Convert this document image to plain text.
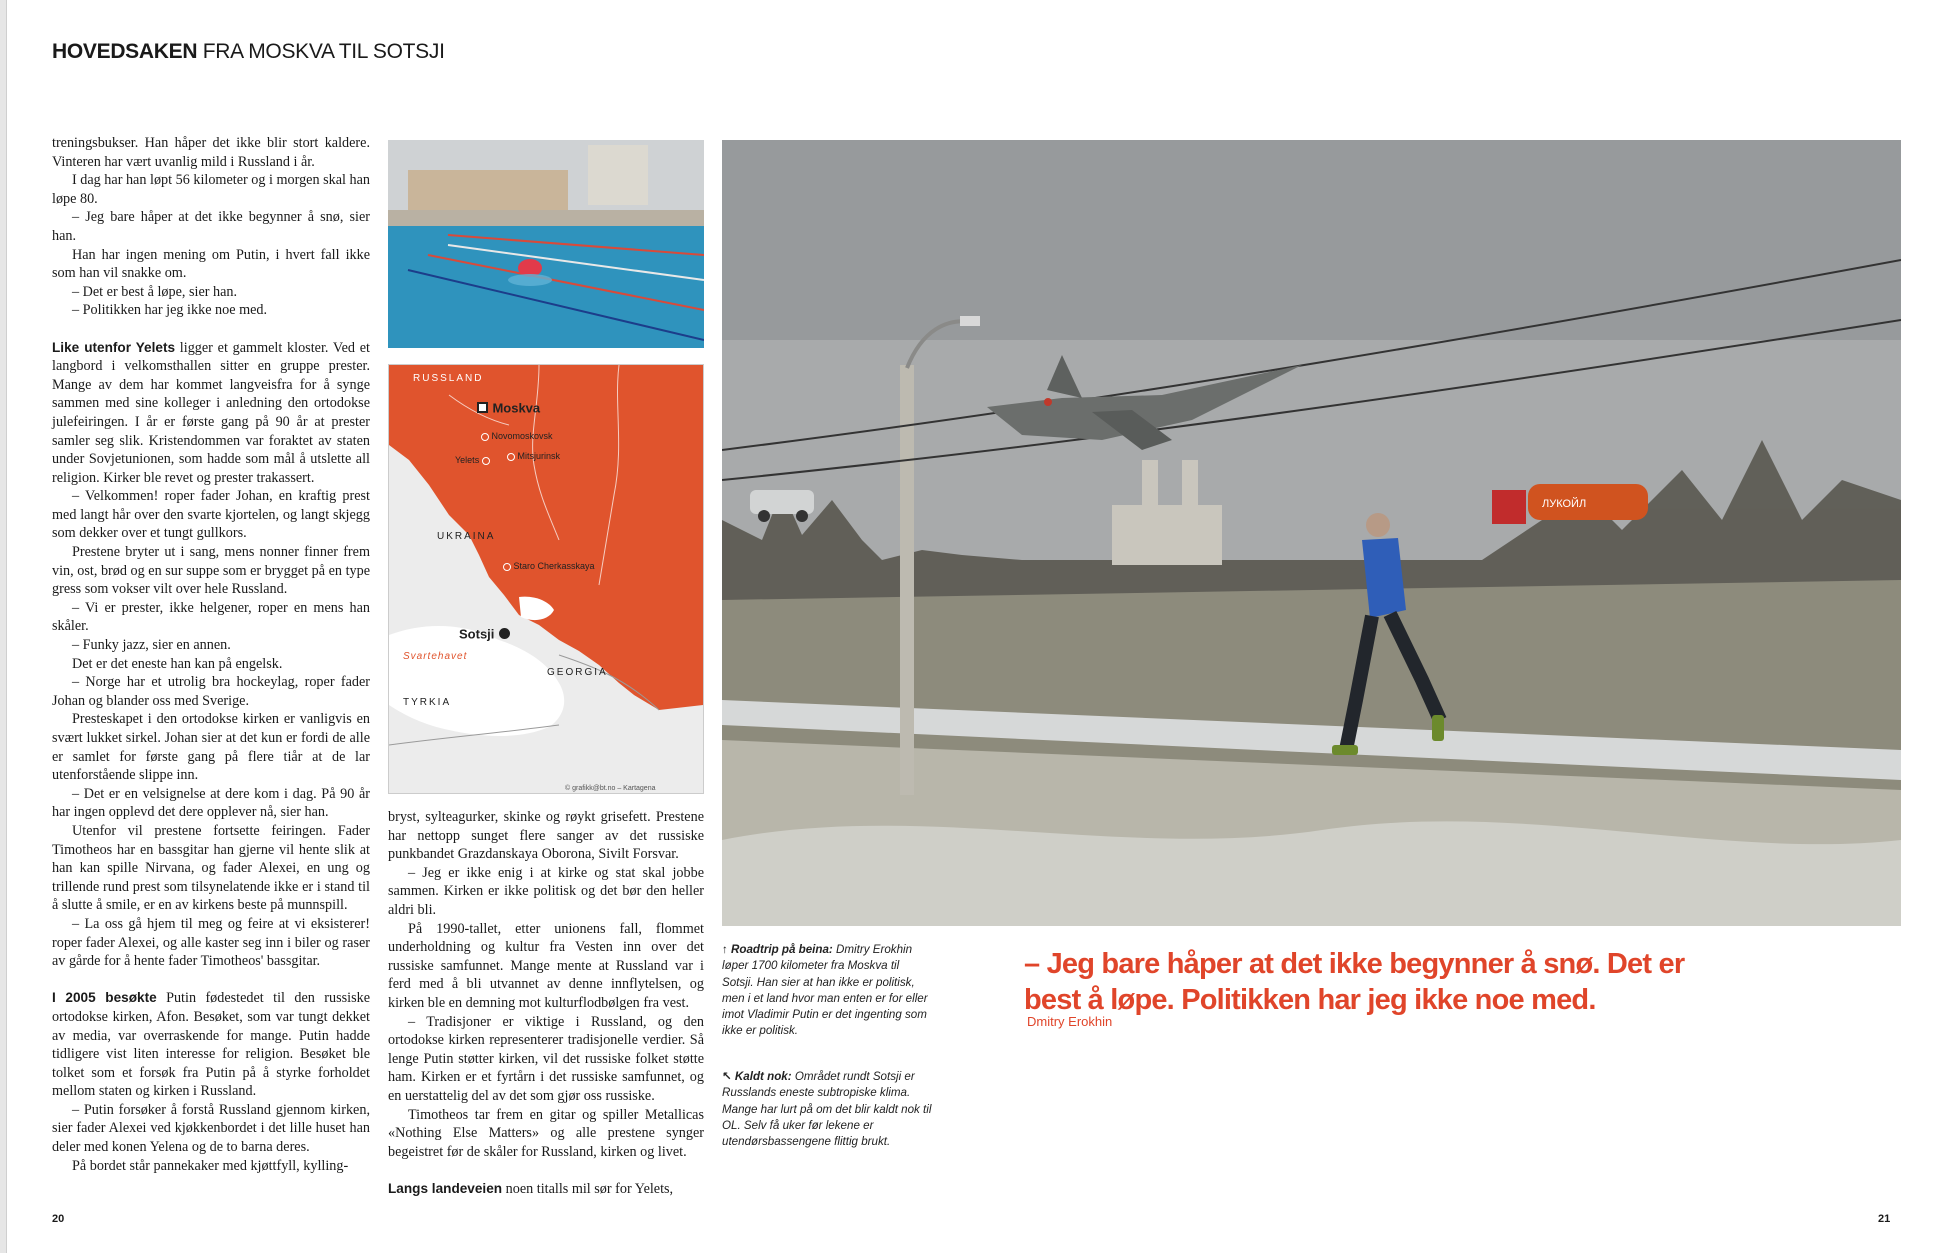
HOVEDSAKEN FRA MOSKVA TIL SOTSJI

treningsbukser. Han håper det ikke blir stort kaldere. Vinteren har vært uvanlig mild i Russland i år.

I dag har han løpt 56 kilometer og i morgen skal han løpe 80.

– Jeg bare håper at det ikke begynner å snø, sier han.

Han har ingen mening om Putin, i hvert fall ikke som han vil snakke om.

– Det er best å løpe, sier han.

– Politikken har jeg ikke noe med.

Like utenfor Yelets ligger et gammelt kloster. Ved et langbord i velkomsthallen sitter en gruppe prester. Mange av dem har kommet langveisfra for å synge sammen med sine kolleger i anledning den ortodokse julefeiringen. I år er første gang på 90 år at prester samler seg slik. Kristendommen var foraktet av staten under Sovjetunionen, som hadde som mål å utslette all religion. Kirker ble revet og prester trakassert.

– Velkommen! roper fader Johan, en kraftig prest med langt hår over den svarte kjortelen, og langt skjegg som dekker over et tungt gullkors.

Prestene bryter ut i sang, mens nonner finner frem vin, ost, brød og en sur suppe som er brygget på en type gress som vokser vilt over hele Russland.

– Vi er prester, ikke helgener, roper en mens han skåler.

– Funky jazz, sier en annen.

Det er det eneste han kan på engelsk.

– Norge har et utrolig bra hockeylag, roper fader Johan og blander oss med Sverige.

Presteskapet i den ortodokse kirken er vanligvis en svært lukket sirkel. Johan sier at det kun er fordi de alle er samlet for første gang på flere tiår at de lar utenforstående slippe inn.

– Det er en velsignelse at dere kom i dag. På 90 år har ingen opplevd det dere opplever nå, sier han.

Utenfor vil prestene fortsette feiringen. Fader Timotheos har en bassgitar han gjerne vil hente slik at han kan spille Nirvana, og fader Alexei, en ung og trillende rund prest som tilsynelatende ikke er i stand til å slutte å smile, er en av kirkens beste på munnspill.

– La oss gå hjem til meg og feire at vi eksisterer! roper fader Alexei, og alle kaster seg inn i biler og raser av gårde for å hente fader Timotheos' bassgitar.

I 2005 besøkte Putin fødestedet til den russiske ortodokse kirken, Afon. Besøket, som var tungt dekket av media, var overraskende for mange. Putin hadde tidligere vist liten interesse for religion. Besøket ble tolket som et forsøk fra Putin på å styrke forholdet mellom staten og kirken i Russland.

– Putin forsøker å forstå Russland gjennom kirken, sier fader Alexei ved kjøkkenbordet i det lille huset han deler med konen Yelena og de to barna deres.

På bordet står pannekaker med kjøttfyll, kylling-

RUSSLAND
Moskva
Novomoskovsk
Yelets	Mitsjurinsk
UKRAINA
Staro Cherkasskaya
Sotsji
Svartehavet
GEORGIA
TYRKIA
© grafikk@bt.no – Kartagena

bryst, sylteagurker, skinke og røykt grisefett. Prestene har nettopp sunget flere sanger av det russiske punkbandet Grazdanskaya Oborona, Sivilt Forsvar.

– Jeg er ikke enig i at kirke og stat skal jobbe sammen. Kirken er ikke politisk og det bør den heller aldri bli.

På 1990-tallet, etter unionens fall, flommet underholdning og kultur fra Vesten inn over det russiske samfunnet. Mange mente at Russland var i ferd med å bli utvannet av denne innflytelsen, og kirken ble en demning mot kulturflodbølgen fra vest.

– Tradisjoner er viktige i Russland, og den ortodokse kirken representerer tradisjonelle verdier. Så lenge Putin støtter kirken, vil det russiske folket støtte ham. Kirken er et fyrtårn i det russiske samfunnet, og en uerstattelig del av det som gjør oss russiske.

Timotheos tar frem en gitar og spiller Metallicas «Nothing Else Matters» og alle prestene synger begeistret før de skåler for Russland, kirken og livet.

Langs landeveien noen titalls mil sør for Yelets,

ЛУКОЙЛ
↑ Roadtrip på beina: Dmitry Erokhin løper 1700 kilometer fra Moskva til Sotsji. Han sier at han ikke er politisk, men i et land hvor man enten er for eller imot Vladimir Putin er det ingenting som ikke er politisk.
↖ Kaldt nok: Området rundt Sotsji er Russlands eneste subtropiske klima. Mange har lurt på om det blir kaldt nok til OL. Selv få uker før lekene er utendørsbassengene flittig brukt.
– Jeg bare håper at det ikke begynner å snø. Det er best å løpe. Politikken har jeg ikke noe med.
Dmitry Erokhin
20	21
